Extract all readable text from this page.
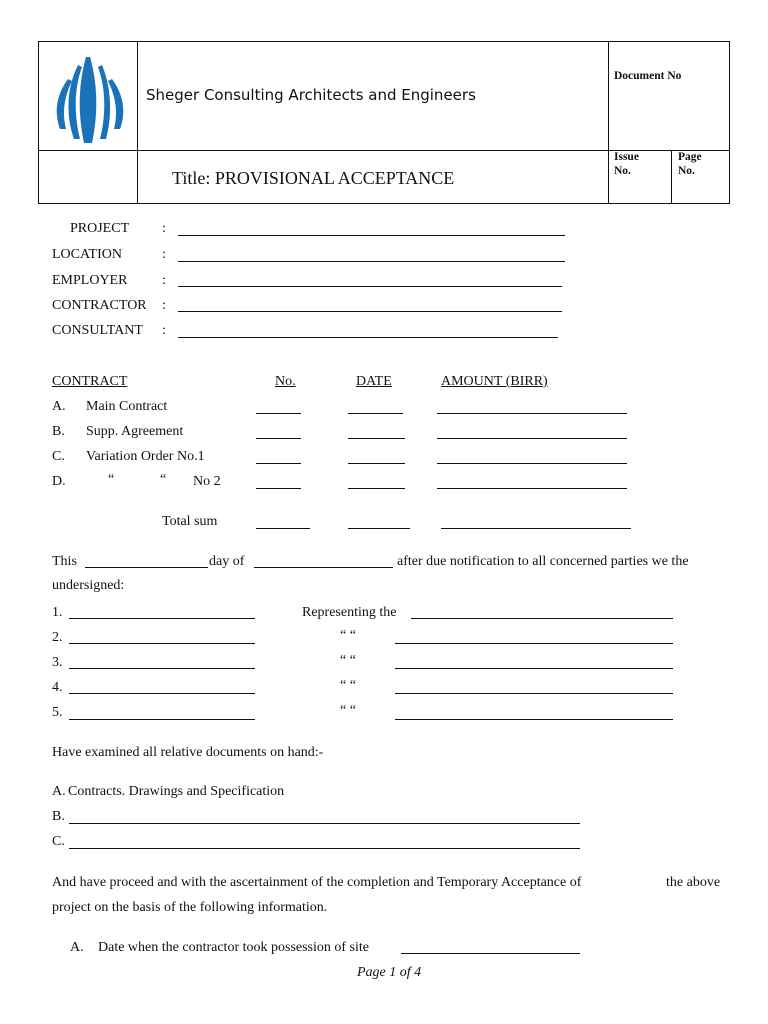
Sheger Consulting Architects and Engineers
Title: PROVISIONAL ACCEPTANCE
Document No
Issue
No.
Page
No.
PROJECT :
LOCATION	:
EMPLOYER :
CONTRACTOR :
CONSULTANT :
CONTRACT	No.	DATE	AMOUNT (BIRR)
A. Main Contract
B. Supp. Agreement
C. Variation Order No.1
D.	“	“ No 2
Total sum
This	day of	after due notification to all concerned parties we the
undersigned:
1.	Representing the
2.	“ “
3.	“ “
4.	“ “
5.	“ “
Have examined all relative documents on hand:-
A. Contracts. Drawings and Specification
B.
C.
And have proceed and with the ascertainment of the completion and Temporary Acceptance of	the above
project on the basis of the following information.
A. Date when the contractor took possession of site
Page 1 of 4
